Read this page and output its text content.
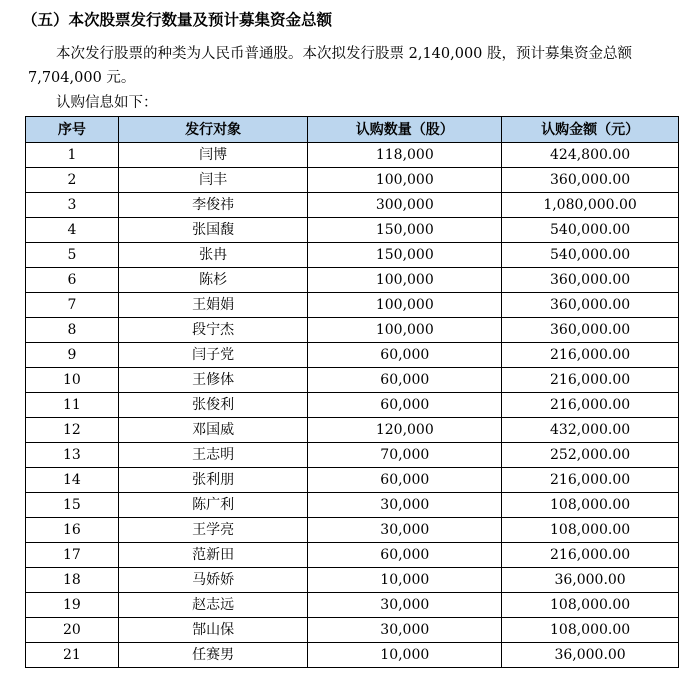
（五）本次股票发行数量及预计募集资金总额
本次发行股票的种类为人民币普通股。本次拟发行股票 2,140,000 股，预计募集资金总额 7,704,000 元。
认购信息如下：
序号	发行对象	认购数量（股）	认购金额（元）
1	闫博	118,000	424,800.00
2	闫丰	100,000	360,000.00
3	李俊祎	300,000	1,080,000.00
4	张国馥	150,000	540,000.00
5	张冉	150,000	540,000.00
6	陈杉	100,000	360,000.00
7	王娟娟	100,000	360,000.00
8	段宁杰	100,000	360,000.00
9	闫子党	60,000	216,000.00
10	王修体	60,000	216,000.00
11	张俊利	60,000	216,000.00
12	邓国威	120,000	432,000.00
13	王志明	70,000	252,000.00
14	张利朋	60,000	216,000.00
15	陈广利	30,000	108,000.00
16	王学亮	30,000	108,000.00
17	范新田	60,000	216,000.00
18	马娇娇	10,000	36,000.00
19	赵志远	30,000	108,000.00
20	郜山保	30,000	108,000.00
21	任赛男	10,000	36,000.00
